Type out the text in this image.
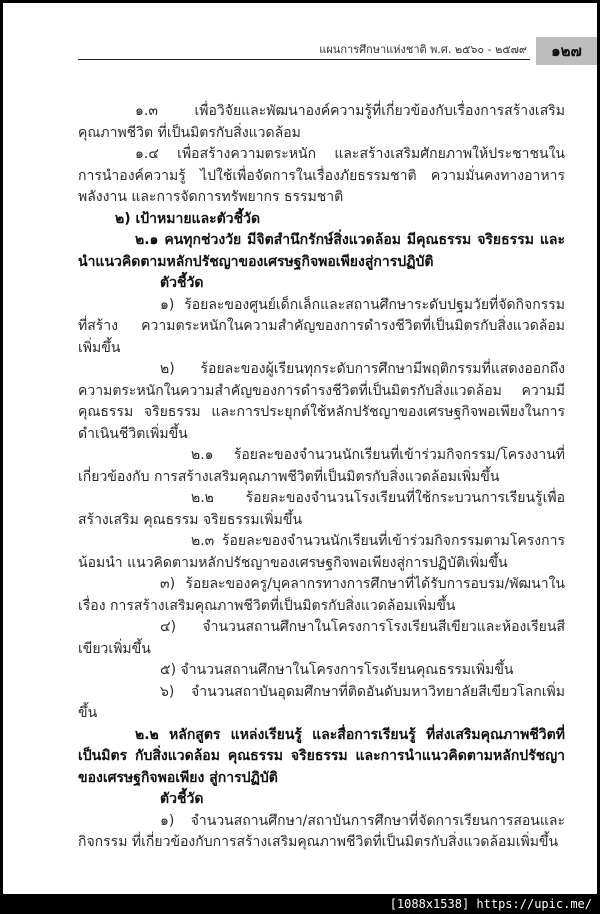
แผนการศึกษาแห่งชาติ พ.ศ. ๒๕๖๐ - ๒๕๗๙	๑๒๗
๑.๓ เพื่อวิจัยและพัฒนาองค์ความรู้ที่เกี่ยวข้องกับเรื่องการสร้างเสริมคุณภาพชีวิต ที่เป็นมิตรกับสิ่งแวดล้อม
๑.๔ เพื่อสร้างความตระหนัก และสร้างเสริมศักยภาพให้ประชาชนในการนำองค์ความรู้ ไปใช้เพื่อจัดการในเรื่องภัยธรรมชาติ ความมั่นคงทางอาหาร พลังงาน และการจัดการทรัพยากร ธรรมชาติ
๒) เป้าหมายและตัวชี้วัด
๒.๑ คนทุกช่วงวัย มีจิตสำนึกรักษ์สิ่งแวดล้อม มีคุณธรรม จริยธรรม และ นำแนวคิดตามหลักปรัชญาของเศรษฐกิจพอเพียงสู่การปฏิบัติ
ตัวชี้วัด
๑) ร้อยละของศูนย์เด็กเล็กและสถานศึกษาระดับปฐมวัยที่จัดกิจกรรมที่สร้าง ความตระหนักในความสำคัญของการดำรงชีวิตที่เป็นมิตรกับสิ่งแวดล้อมเพิ่มขึ้น
๒) ร้อยละของผู้เรียนทุกระดับการศึกษามีพฤติกรรมที่แสดงออกถึง ความตระหนักในความสำคัญของการดำรงชีวิตที่เป็นมิตรกับสิ่งแวดล้อม ความมีคุณธรรม จริยธรรม และการประยุกต์ใช้หลักปรัชญาของเศรษฐกิจพอเพียงในการดำเนินชีวิตเพิ่มขึ้น
๒.๑ ร้อยละของจำนวนนักเรียนที่เข้าร่วมกิจกรรม/โครงงานที่เกี่ยวข้องกับ การสร้างเสริมคุณภาพชีวิตที่เป็นมิตรกับสิ่งแวดล้อมเพิ่มขึ้น
๒.๒ ร้อยละของจำนวนโรงเรียนที่ใช้กระบวนการเรียนรู้เพื่อสร้างเสริม คุณธรรม จริยธรรมเพิ่มขึ้น
๒.๓ ร้อยละของจำนวนนักเรียนที่เข้าร่วมกิจกรรมตามโครงการน้อมนำ แนวคิดตามหลักปรัชญาของเศรษฐกิจพอเพียงสู่การปฏิบัติเพิ่มขึ้น
๓) ร้อยละของครู/บุคลากรทางการศึกษาที่ได้รับการอบรม/พัฒนาในเรื่อง การสร้างเสริมคุณภาพชีวิตที่เป็นมิตรกับสิ่งแวดล้อมเพิ่มขึ้น
๔) จำนวนสถานศึกษาในโครงการโรงเรียนสีเขียวและห้องเรียนสีเขียวเพิ่มขึ้น
๕) จำนวนสถานศึกษาในโครงการโรงเรียนคุณธรรมเพิ่มขึ้น
๖) จำนวนสถาบันอุดมศึกษาที่ติดอันดับมหาวิทยาลัยสีเขียวโลกเพิ่มขึ้น
๒.๒ หลักสูตร แหล่งเรียนรู้ และสื่อการเรียนรู้ ที่ส่งเสริมคุณภาพชีวิตที่เป็นมิตร กับสิ่งแวดล้อม คุณธรรม จริยธรรม และการนำแนวคิดตามหลักปรัชญาของเศรษฐกิจพอเพียง สู่การปฏิบัติ
ตัวชี้วัด
๑) จำนวนสถานศึกษา/สถาบันการศึกษาที่จัดการเรียนการสอนและกิจกรรม ที่เกี่ยวข้องกับการสร้างเสริมคุณภาพชีวิตที่เป็นมิตรกับสิ่งแวดล้อมเพิ่มขึ้น
[1088x1538] https://upic.me/
